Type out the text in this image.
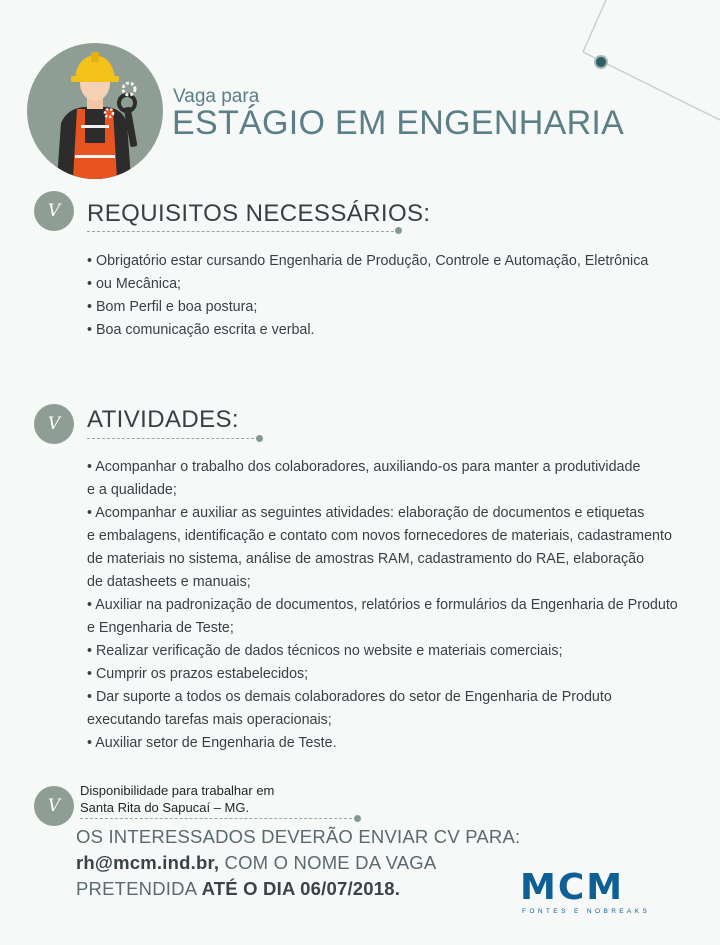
Vaga para
ESTÁGIO EM ENGENHARIA
V	REQUISITOS NECESSÁRIOS:
• Obrigatório estar cursando Engenharia de Produção, Controle e Automação, Eletrônica
• ou Mecânica;
• Bom Perfil e boa postura;
• Boa comunicação escrita e verbal.
V	ATIVIDADES:
• Acompanhar o trabalho dos colaboradores, auxiliando-os para manter a produtividade
e a qualidade;
• Acompanhar e auxiliar as seguintes atividades: elaboração de documentos e etiquetas
e embalagens, identificação e contato com novos fornecedores de materiais, cadastramento
de materiais no sistema, análise de amostras RAM, cadastramento do RAE, elaboração
de datasheets e manuais;
• Auxiliar na padronização de documentos, relatórios e formulários da Engenharia de Produto
e Engenharia de Teste;
• Realizar verificação de dados técnicos no website e materiais comerciais;
• Cumprir os prazos estabelecidos;
• Dar suporte a todos os demais colaboradores do setor de Engenharia de Produto
executando tarefas mais operacionais;
• Auxiliar setor de Engenharia de Teste.
V
Disponibilidade para trabalhar em
Santa Rita do Sapucaí – MG.
OS INTERESSADOS DEVERÃO ENVIAR CV PARA:
rh@mcm.ind.br, COM O NOME DA VAGA
PRETENDIDA ATÉ O DIA 06/07/2018.	MCM
FONTES E NOBREAKS
